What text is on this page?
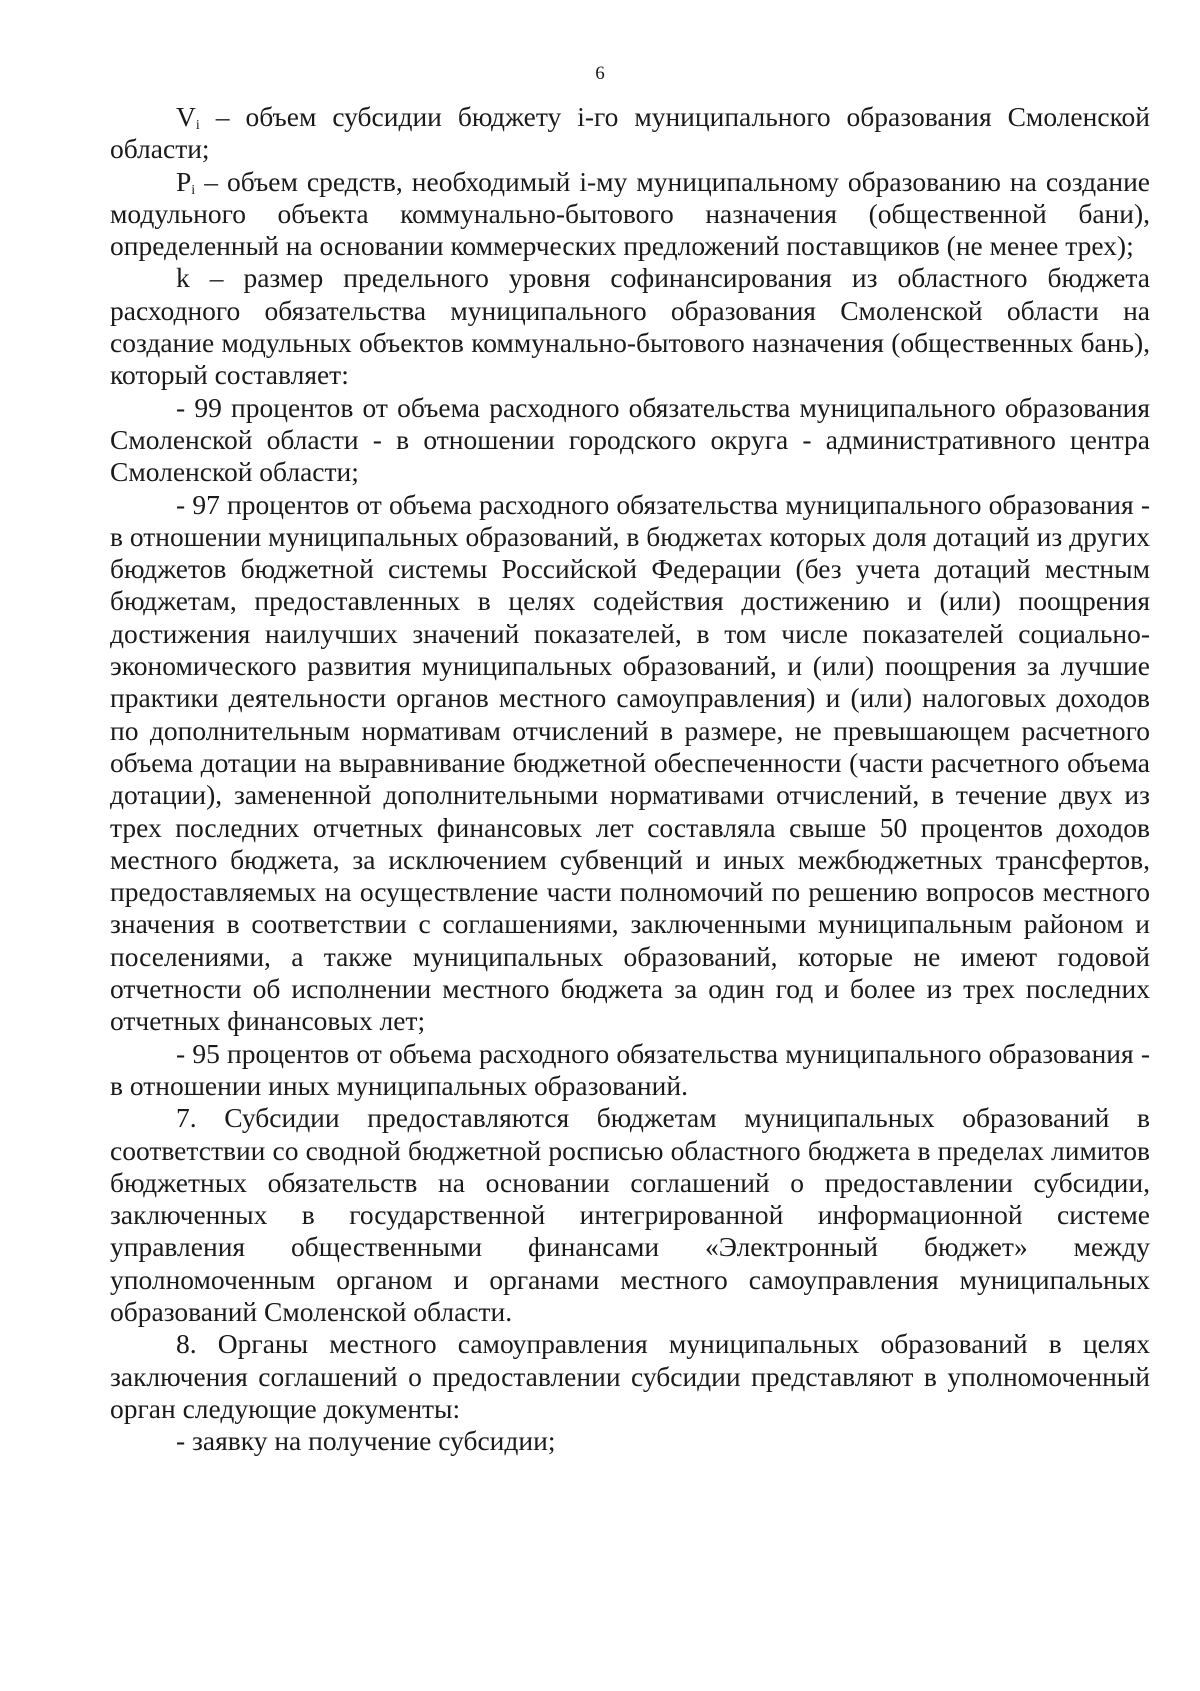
6

$V_i$ – объем субсидии бюджету i-го муниципального образования Смоленской области;

$P_i$ – объем средств, необходимый i-му муниципальному образованию на создание модульного объекта коммунально-бытового назначения (общественной бани), определенный на основании коммерческих предложений поставщиков (не менее трех);

k – размер предельного уровня софинансирования из областного бюджета расходного обязательства муниципального образования Смоленской области на создание модульных объектов коммунально-бытового назначения (общественных бань), который составляет:

- 99 процентов от объема расходного обязательства муниципального образования Смоленской области - в отношении городского округа - административного центра Смоленской области;

- 97 процентов от объема расходного обязательства муниципального образования - в отношении муниципальных образований, в бюджетах которых доля дотаций из других бюджетов бюджетной системы Российской Федерации (без учета дотаций местным бюджетам, предоставленных в целях содействия достижению и (или) поощрения достижения наилучших значений показателей, в том числе показателей социально-экономического развития муниципальных образований, и (или) поощрения за лучшие практики деятельности органов местного самоуправления) и (или) налоговых доходов по дополнительным нормативам отчислений в размере, не превышающем расчетного объема дотации на выравнивание бюджетной обеспеченности (части расчетного объема дотации), замененной дополнительными нормативами отчислений, в течение двух из трех последних отчетных финансовых лет составляла свыше 50 процентов доходов местного бюджета, за исключением субвенций и иных межбюджетных трансфертов, предоставляемых на осуществление части полномочий по решению вопросов местного значения в соответствии с соглашениями, заключенными муниципальным районом и поселениями, а также муниципальных образований, которые не имеют годовой отчетности об исполнении местного бюджета за один год и более из трех последних отчетных финансовых лет;

- 95 процентов от объема расходного обязательства муниципального образования - в отношении иных муниципальных образований.

7. Субсидии предоставляются бюджетам муниципальных образований в соответствии со сводной бюджетной росписью областного бюджета в пределах лимитов бюджетных обязательств на основании соглашений о предоставлении субсидии, заключенных в государственной интегрированной информационной системе управления общественными финансами «Электронный бюджет» между уполномоченным органом и органами местного самоуправления муниципальных образований Смоленской области.

8. Органы местного самоуправления муниципальных образований в целях заключения соглашений о предоставлении субсидии представляют в уполномоченный орган следующие документы:

- заявку на получение субсидии;
